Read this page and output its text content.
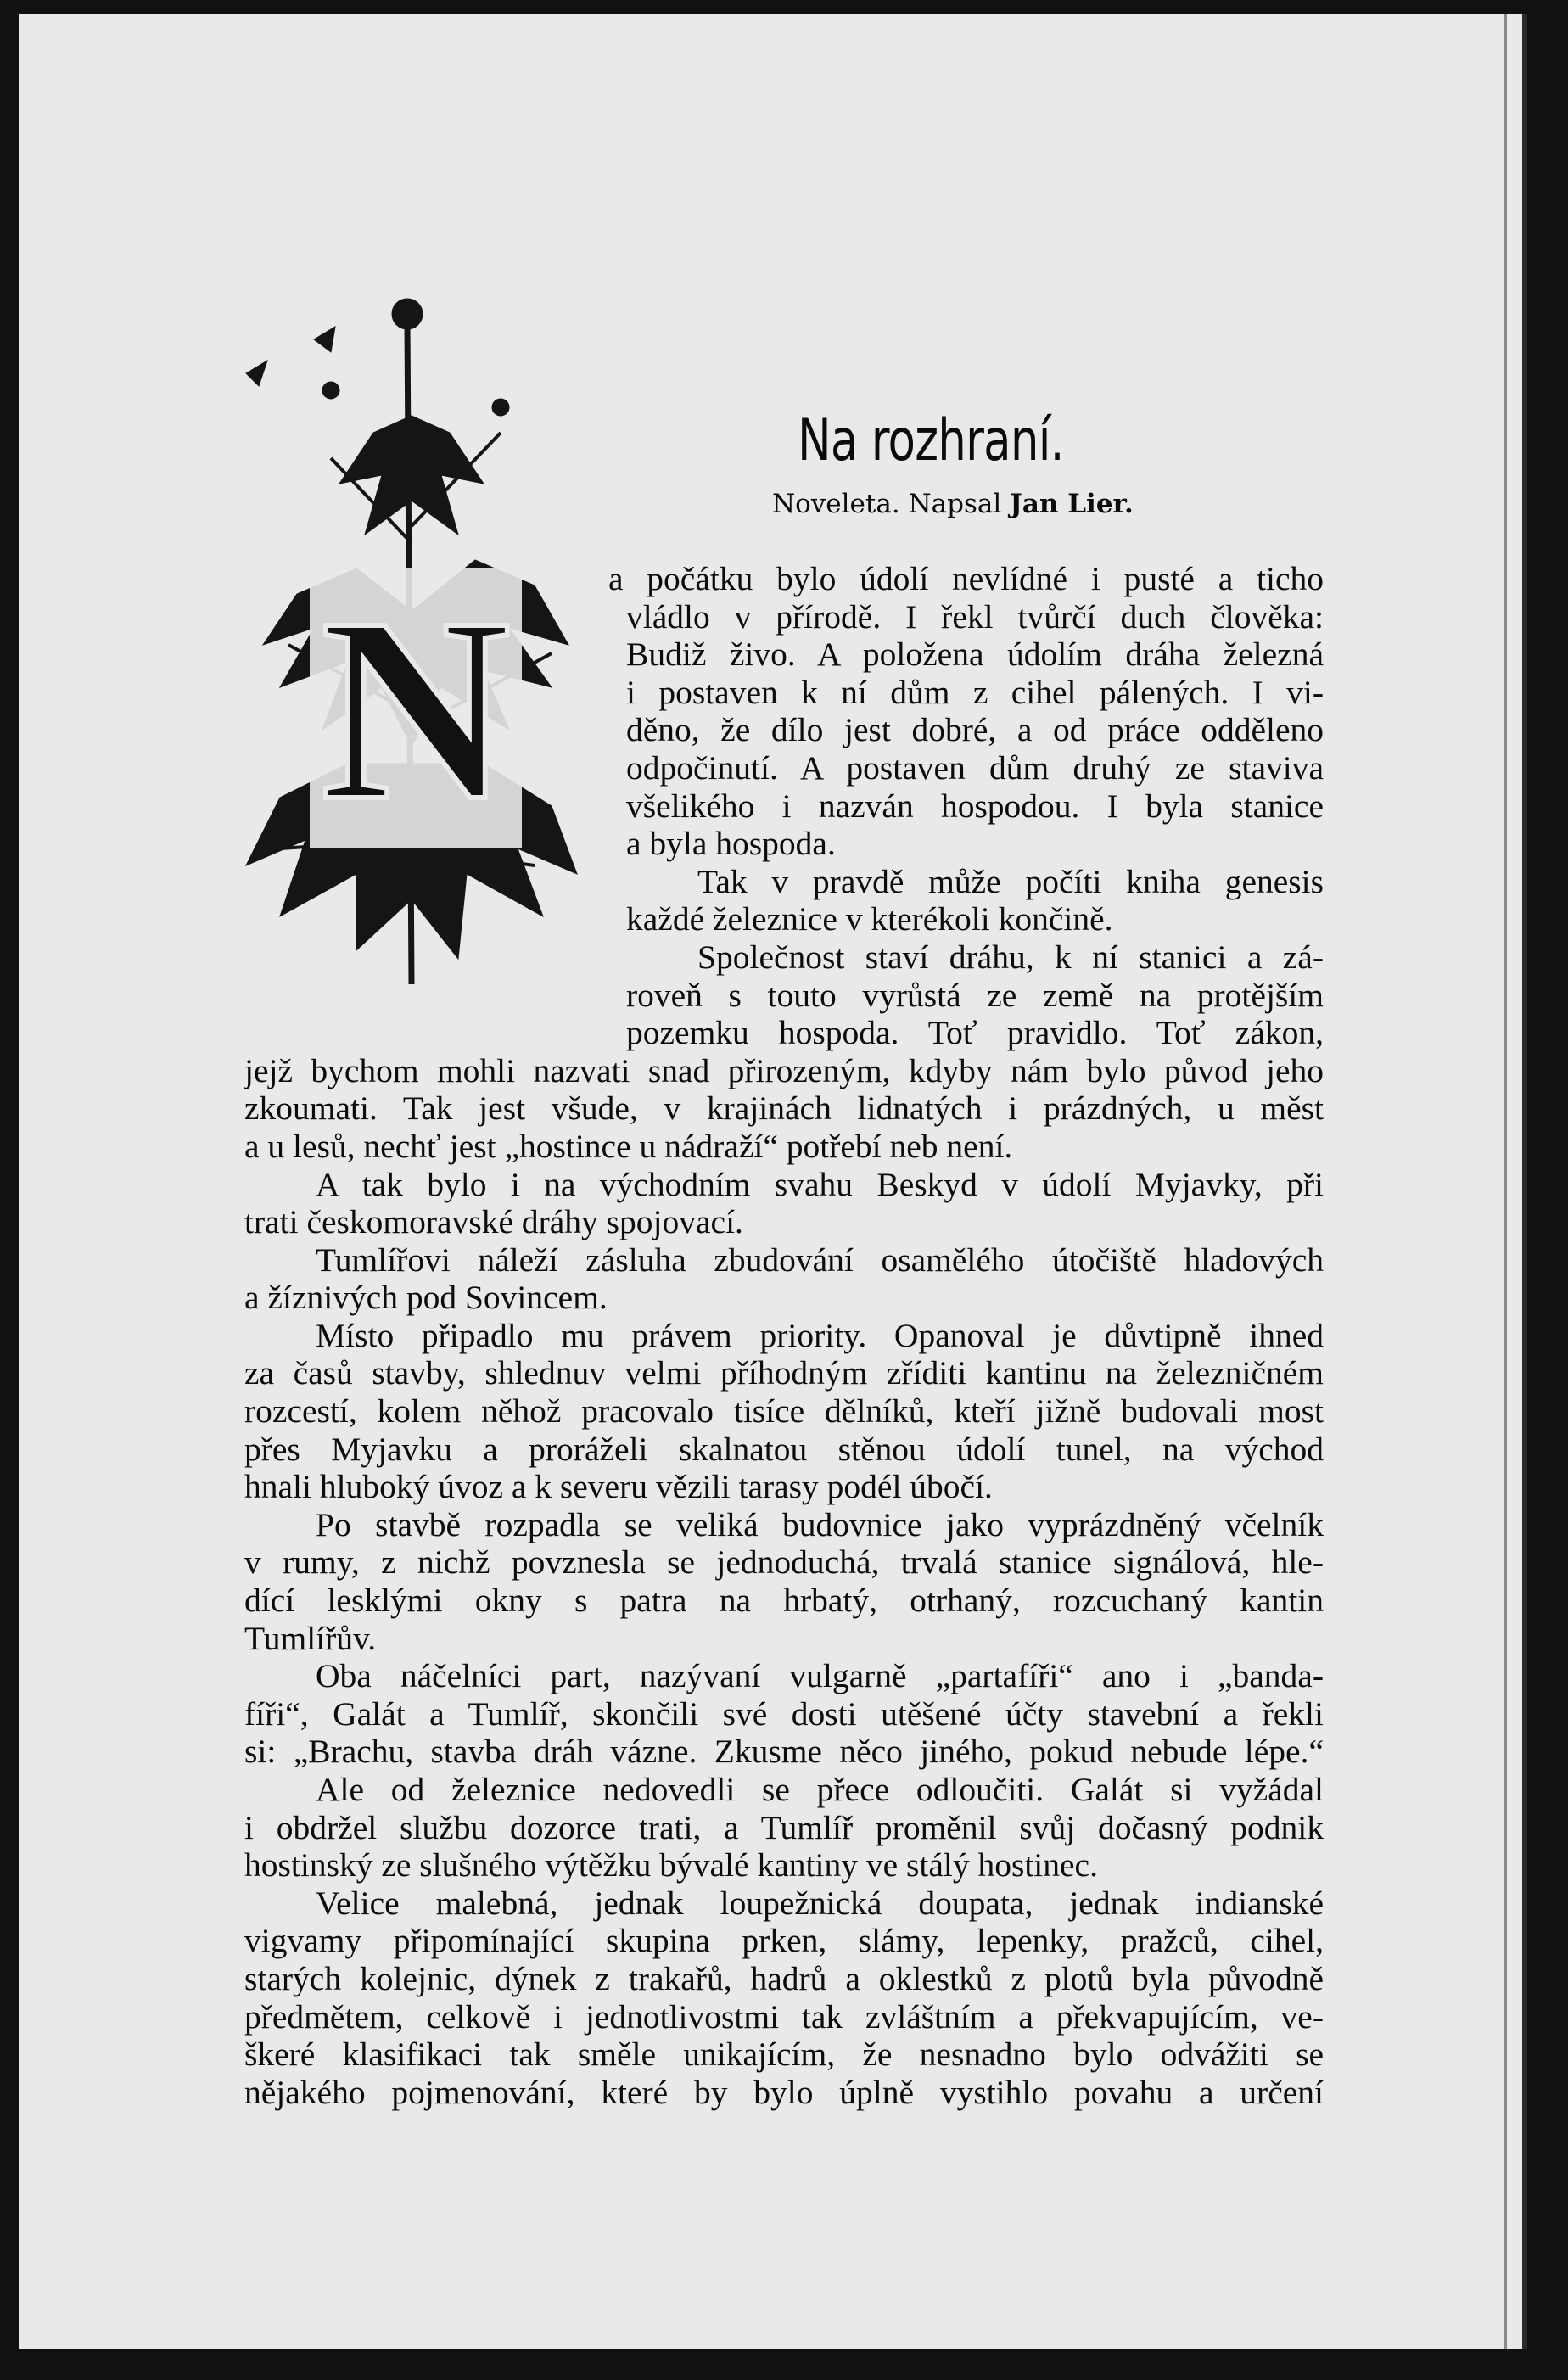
N
Na rozhraní.
Noveleta. Napsal Jan Lier.
a počátku bylo údolí nevlídné i pusté a ticho
vládlo v přírodě. I řekl tvůrčí duch člověka:
Budiž živo. A položena údolím dráha železná
i postaven k ní dům z cihel pálených. I vi-
děno, že dílo jest dobré, a od práce odděleno
odpočinutí. A postaven dům druhý ze staviva
všelikého i nazván hospodou. I byla stanice
a byla hospoda.
Tak v pravdě může počíti kniha genesis
každé železnice v kterékoli končině.
Společnost staví dráhu, k ní stanici a zá-
roveň s touto vyrůstá ze země na protějším
pozemku hospoda. Toť pravidlo. Toť zákon,
jejž bychom mohli nazvati snad přirozeným, kdyby nám bylo původ jeho
zkoumati. Tak jest všude, v krajinách lidnatých i prázdných, u měst
a u lesů, nechť jest „hostince u nádraží“ potřebí neb není.
A tak bylo i na východním svahu Beskyd v údolí Myjavky, při
trati českomoravské dráhy spojovací.
Tumlířovi náleží zásluha zbudování osamělého útočiště hladových
a žíznivých pod Sovincem.
Místo připadlo mu právem priority. Opanoval je důvtipně ihned
za časů stavby, shlednuv velmi příhodným zříditi kantinu na železničném
rozcestí, kolem něhož pracovalo tisíce dělníků, kteří jižně budovali most
přes Myjavku a proráželi skalnatou stěnou údolí tunel, na východ
hnali hluboký úvoz a k severu vězili tarasy podél úbočí.
Po stavbě rozpadla se veliká budovnice jako vyprázdněný včelník
v rumy, z nichž povznesla se jednoduchá, trvalá stanice signálová, hle-
dící lesklými okny s patra na hrbatý, otrhaný, rozcuchaný kantin
Tumlířův.
Oba náčelníci part, nazývaní vulgarně „partafíři“ ano i „banda-
fíři“, Galát a Tumlíř, skončili své dosti utěšené účty stavební a řekli
si: „Brachu, stavba dráh vázne. Zkusme něco jiného, pokud nebude lépe.“
Ale od železnice nedovedli se přece odloučiti. Galát si vyžádal
i obdržel službu dozorce trati, a Tumlíř proměnil svůj dočasný podnik
hostinský ze slušného výtěžku bývalé kantiny ve stálý hostinec.
Velice malebná, jednak loupežnická doupata, jednak indianské
vigvamy připomínající skupina prken, slámy, lepenky, pražců, cihel,
starých kolejnic, dýnek z trakařů, hadrů a oklestků z plotů byla původně
předmětem, celkově i jednotlivostmi tak zvláštním a překvapujícím, ve-
škeré klasifikaci tak směle unikajícím, že nesnadno bylo odvážiti se
nějakého pojmenování, které by bylo úplně vystihlo povahu a určení
